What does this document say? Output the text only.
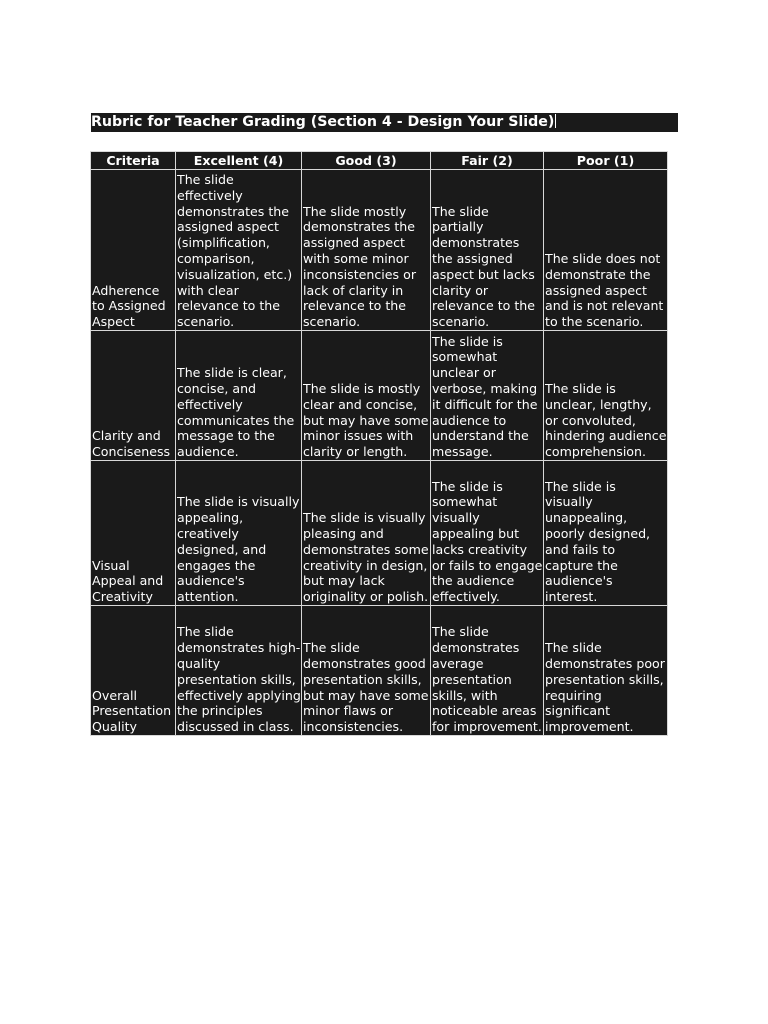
Rubric for Teacher Grading (Section 4 - Design Your Slide)
Criteria	Excellent (4)	Good (3)	Fair (2)	Poor (1)
Adherence to Assigned Aspect	The slide effectively demonstrates the assigned aspect (simplification, comparison, visualization, etc.) with clear relevance to the scenario.	The slide mostly demonstrates the assigned aspect with some minor inconsistencies or lack of clarity in relevance to the scenario.	The slide partially demonstrates the assigned aspect but lacks clarity or relevance to the scenario.	The slide does not demonstrate the assigned aspect and is not relevant to the scenario.
Clarity and Conciseness	The slide is clear, concise, and effectively communicates the message to the audience.	The slide is mostly clear and concise, but may have some minor issues with clarity or length.	The slide is somewhat unclear or verbose, making it difficult for the audience to understand the message.	The slide is unclear, lengthy, or convoluted, hindering audience comprehension.
Visual Appeal and Creativity	The slide is visually appealing, creatively designed, and engages the audience's attention.	The slide is visually pleasing and demonstrates some creativity in design, but may lack originality or polish.	The slide is somewhat visually appealing but lacks creativity or fails to engage the audience effectively.	The slide is visually unappealing, poorly designed, and fails to capture the audience's interest.
Overall Presentation Quality	The slide demonstrates high-quality presentation skills, effectively applying the principles discussed in class.	The slide demonstrates good presentation skills, but may have some minor flaws or inconsistencies.	The slide demonstrates average presentation skills, with noticeable areas for improvement.	The slide demonstrates poor presentation skills, requiring significant improvement.
